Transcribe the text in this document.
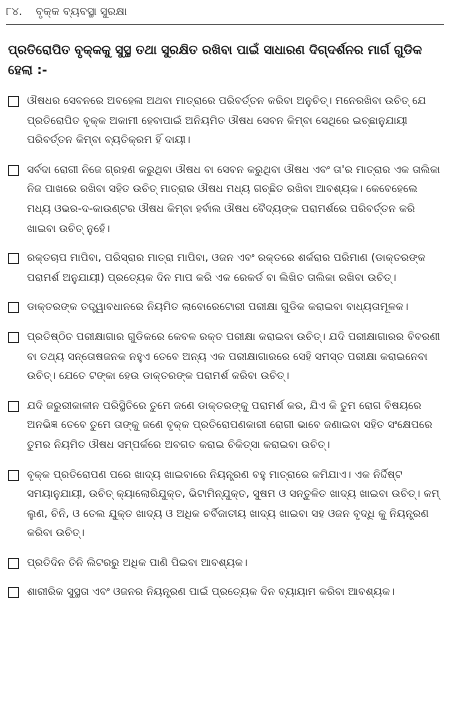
୮୪. ବୃକ୍କ ବ୍ୟବସ୍ଥା ସୁରକ୍ଷା
ପ୍ରତିରୋପିତ ବୃକ୍କକୁ ସୁସ୍ଥ ତଥା ସୁରକ୍ଷିତ ରଖିବା ପାଇଁ ସାଧାରଣ ଦିଗ୍‌ଦର୍ଶନର ମାର୍ଗ ଗୁଡିକ ହେଲା :-
ଔଷଧର ସେବନରେ ଅବହେଳା ଅଥବା ମାତ୍ରାରେ ପରିବର୍ତ୍ତନ କରିବା ଅନୁଚିତ୍। ମନେରଖିବା ଉଚିତ୍ ଯେ ପ୍ରତିରୋପିତ ବୃକ୍କ ଅକାମୀ ହେବାପାଇଁ ଅନିୟମିତ ଔଷଧ ସେବନ କିମ୍ବା ସେଥିରେ ଇଚ୍ଛାନୁଯାୟୀ ପରିବର୍ତ୍ତନ କିମ୍ବା ବ୍ୟତିକ୍ରମ ହିଁ ଦାୟୀ।
ସର୍ବଦା ରୋଗୀ ନିଜେ ଗ୍ରହଣ କରୁଥିବା ଔଷଧ ବା ସେବନ କରୁଥିବା ଔଷଧ ଏବଂ ତା'ର ମାତ୍ରାର ଏକ ତାଲିକା ନିଜ ପାଖରେ ରଖିବା ସହିତ ଉଚିତ୍ ମାତ୍ରାର ଔଷଧ ମଧ୍ୟ ଗଚ୍ଛିତ ରଖିବା ଆବଶ୍ୟକ। କେବେହେଲେ ମଧ୍ୟ ଓଭର-ଦ-କାଉଣ୍ଟର ଔଷଧ କିମ୍ବା ହର୍ବାଲ ଔଷଧ ବୈଦ୍ୟଙ୍କ ପରାମର୍ଶରେ ପରିବର୍ତ୍ତନ କରି ଖାଇବା ଉଚିତ୍ ନୁହେଁ।
ରକ୍ତଚାପ ମାପିବା, ପରିସ୍ରାର ମାତ୍ରା ମାପିବା, ଓଜନ ଏବଂ ରକ୍ତରେ ଶର୍କରାର ପରିମାଣ (ଡାକ୍ତରଙ୍କ ପରାମର୍ଶ ଅନୁଯାୟୀ) ପ୍ରତ୍ୟେକ ଦିନ ମାପ କରି ଏକ ରେକର୍ଡ ବା ଲିଖିତ ତାଲିକା ରଖିବା ଉଚିତ୍।
ଡାକ୍ତରଙ୍କ ତତ୍ତ୍ୱାବଧାନରେ ନିୟମିତ ଲାବୋରେଟୋରୀ ପରୀକ୍ଷା ଗୁଡିକ କରାଇବା ବାଧ୍ୟତାମୂଳକ।
ପ୍ରତିଷ୍ଠିତ ପରୀକ୍ଷାଗାର ଗୁଡିକରେ କେବଳ ରକ୍ତ ପରୀକ୍ଷା କରାଇବା ଉଚିତ୍। ଯଦି ପରୀକ୍ଷାଗାରର ବିବରଣୀ ବା ତଥ୍ୟ ସନ୍ତୋଷଜନକ ନହୁଏ ତେବେ ଅନ୍ୟ ଏକ ପରୀକ୍ଷାଗାରରେ ସେହି ସମସ୍ତ ପରୀକ୍ଷା କରାଇନେବା ଉଚିତ୍। ଯେତେ ଟଙ୍କା ହେଉ ଡାକ୍ତରଙ୍କ ପରାମର୍ଶ କରିବା ଉଚିତ୍।
ଯଦି ଜରୁରୀକାଳୀନ ପରିସ୍ଥିତିରେ ତୁମେ ଜଣେ ଡାକ୍ତରଙ୍କୁ ପରାମର୍ଶ କର, ଯିଏ କି ତୁମ ରୋଗ ବିଷୟରେ ଅନଭିଜ୍ଞ ତେବେ ତୁମେ ତାଙ୍କୁ ଜଣେ ବୃକ୍କ ପ୍ରତିରୋପଣକାରୀ ରୋଗୀ ଭାବେ ଜଣାଇବା ସହିତ ସଂକ୍ଷେପରେ ତୁମର ନିୟମିତ ଔଷଧ ସମ୍ପର୍କରେ ଅବଗତ କରାଇ ଚିକିତ୍ସା କରାଇବା ଉଚିତ୍।
ବୃକ୍କ ପ୍ରତିରୋପଣ ପରେ ଖାଦ୍ୟ ଖାଇବାରେ ନିୟନ୍ତ୍ରଣ ବହୁ ମାତ୍ରାରେ କମିଯାଏ। ଏକ ନିର୍ଦ୍ଦିଷ୍ଟ ସମୟାନୁଯାୟୀ, ଉଚିତ୍ କ୍ୟାଲୋରିଯୁକ୍ତ, ଭିଟାମିନ୍‌ଯୁକ୍ତ, ସୁଷମ ଓ ସନ୍ତୁଳିତ ଖାଦ୍ୟ ଖାଇବା ଉଚିତ୍। କମ୍ ଲୁଣ, ଚିନି, ଓ ତେଲ ଯୁକ୍ତ ଖାଦ୍ୟ ଓ ଅଧିକ ଚର୍ବିଜାତୀୟ ଖାଦ୍ୟ ଖାଇବା ସହ ଓଜନ ବୃଦ୍ଧି କୁ ନିୟନ୍ତ୍ରଣ କରିବା ଉଚିତ୍।
ପ୍ରତିଦିନ ତିନି ଲିଟରରୁ ଅଧିକ ପାଣି ପିଇବା ଆବଶ୍ୟକ।
ଶାରୀରିକ ସୁସ୍ଥତା ଏବଂ ଓଜନର ନିୟନ୍ତ୍ରଣ ପାଇଁ ପ୍ରତ୍ୟେକ ଦିନ ବ୍ୟାୟାମ କରିବା ଆବଶ୍ୟକ।
